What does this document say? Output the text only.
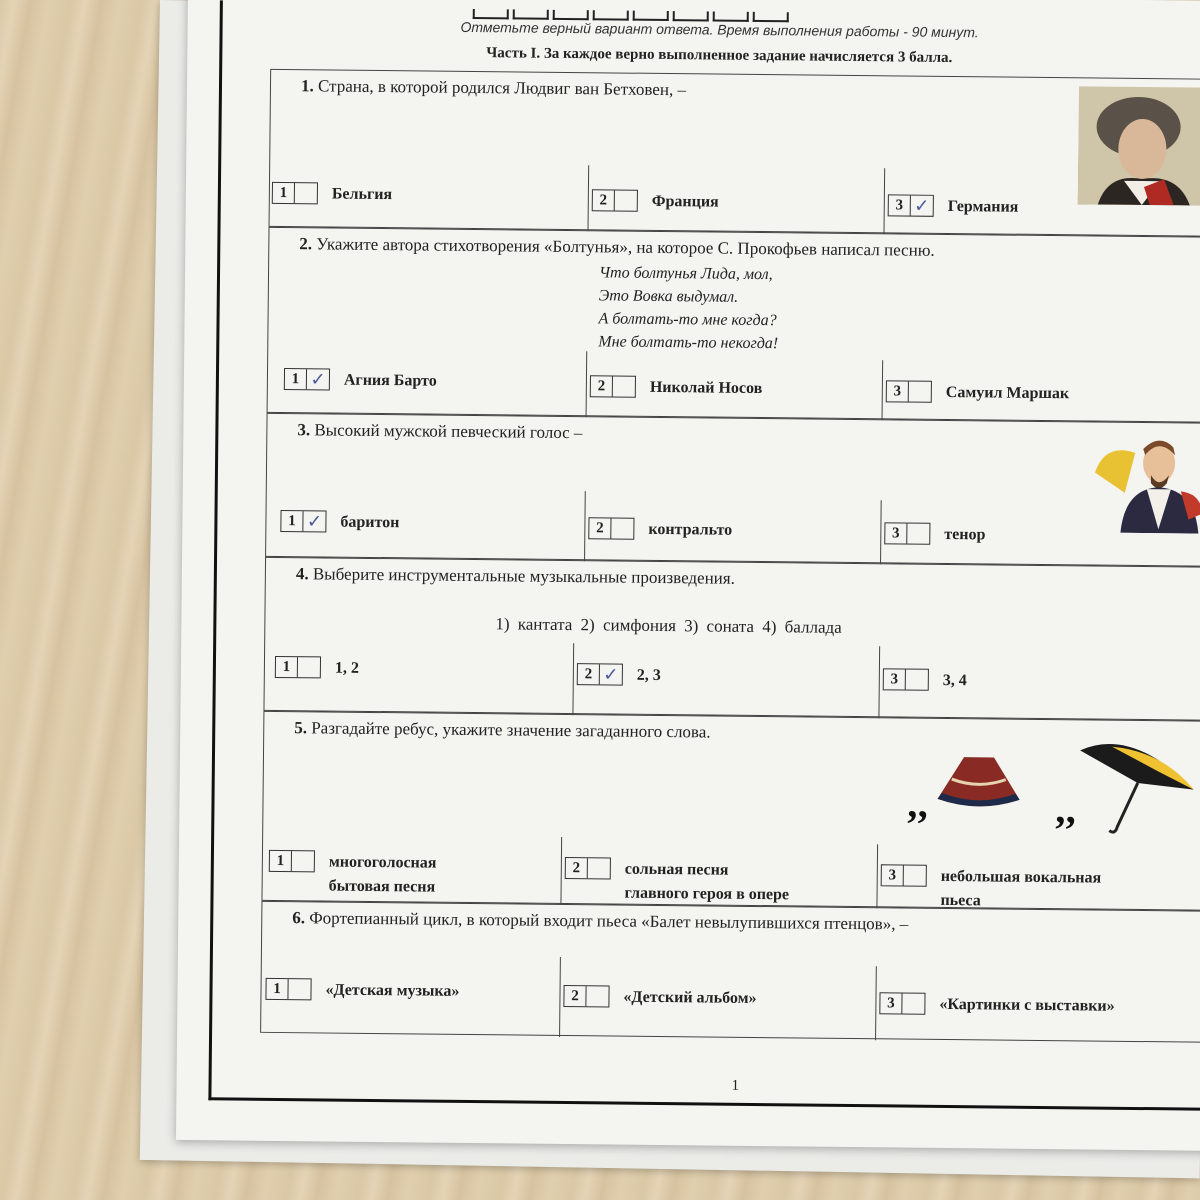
Отметьте верный вариант ответа. Время выполнения работы - 90 минут.
Часть I. За каждое верно выполненное задание начисляется 3 балла.
1. Страна, в которой родился Людвиг ван Бетховен, –
1	Бельгия	2	Франция	3 ✓ Германия
2. Укажите автора стихотворения «Болтунья», на которое С. Прокофьев написал песню.
Что болтунья Лида, мол,
Это Вовка выдумал.
А болтать-то мне когда?
Мне болтать-то некогда!
1 ✓ Агния Барто	2	Николай Носов	3	Самуил Маршак
3. Высокий мужской певческий голос –
1 ✓ баритон	2	контральто	3	тенор
4. Выберите инструментальные музыкальные произведения.
1) кантата 2) симфония 3) соната 4) баллада
1	1, 2	2 ✓ 2, 3	3	3, 4
5. Разгадайте ребус, укажите значение загаданного слова.
’’	’’
1	многоголосная
бытовая песня
2	сольная песня
главного героя в опере
3	небольшая вокальная
пьеса
6. Фортепианный цикл, в который входит пьеса «Балет невылупившихся птенцов», –
1	«Детская музыка»	2	«Детский альбом»	3	«Картинки с выставки»
1
